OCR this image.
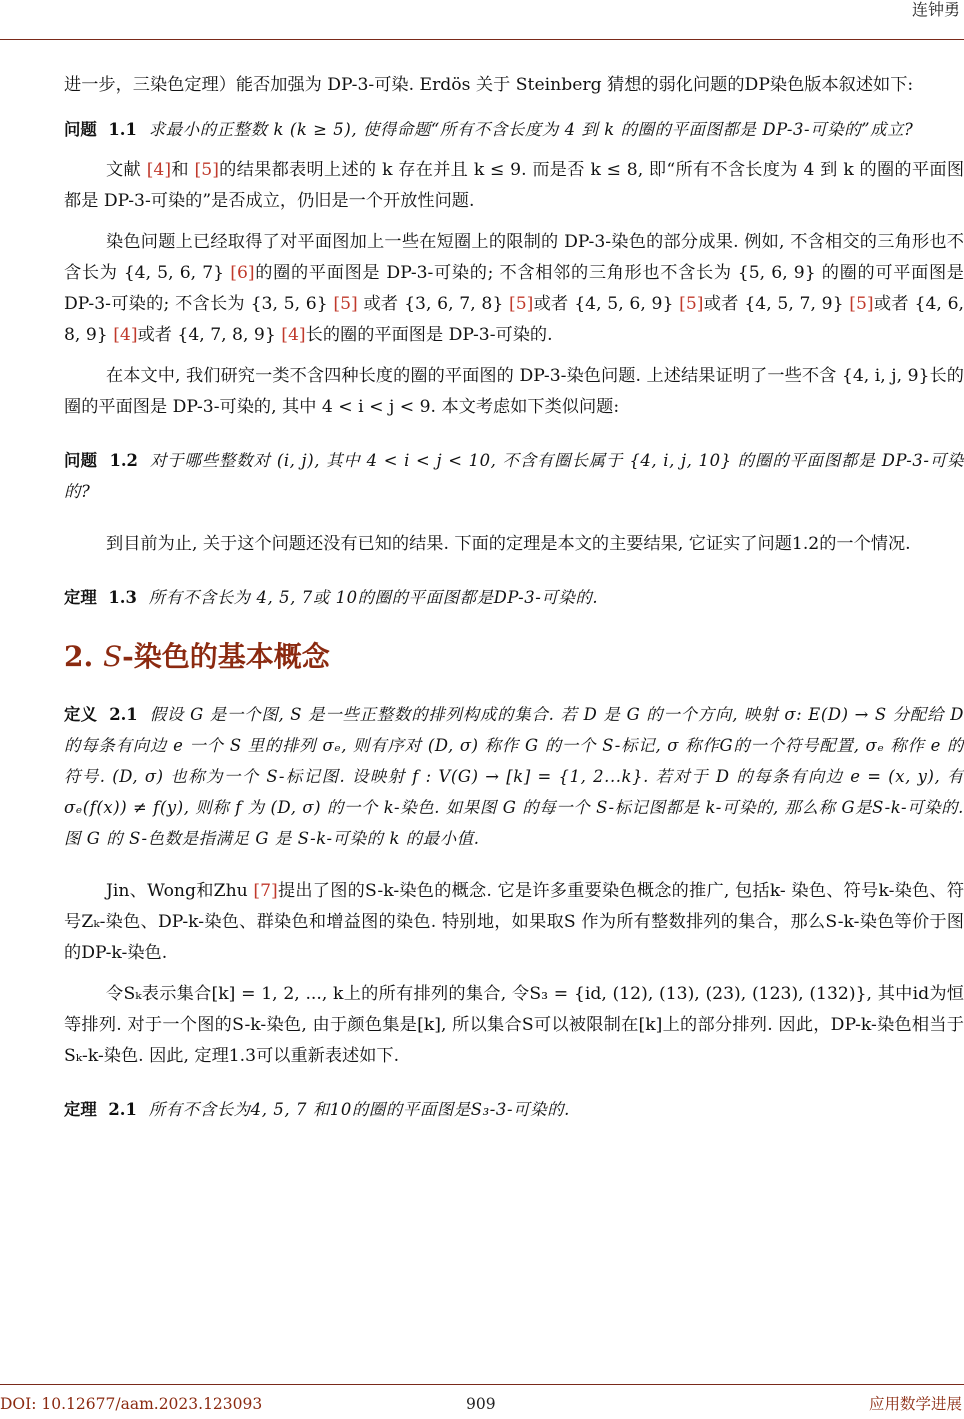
连钟勇

进一步，三染色定理）能否加强为 DP-3-可染. Erdös 关于 Steinberg 猜想的弱化问题的DP染色版本叙述如下:

问题 1.1 求最小的正整数 k (k ≥ 5), 使得命题“所有不含长度为 4 到 k 的圈的平面图都是 DP-3-可染的”成立?

文献 [4]和 [5]的结果都表明上述的 k 存在并且 k ≤ 9. 而是否 k ≤ 8, 即“所有不含长度为 4 到 k 的圈的平面图都是 DP-3-可染的”是否成立，仍旧是一个开放性问题.

染色问题上已经取得了对平面图加上一些在短圈上的限制的 DP-3-染色的部分成果. 例如, 不含相交的三角形也不含长为 {4, 5, 6, 7} [6]的圈的平面图是 DP-3-可染的; 不含相邻的三角形也不含长为 {5, 6, 9} 的圈的可平面图是 DP-3-可染的; 不含长为 {3, 5, 6} [5] 或者 {3, 6, 7, 8} [5]或者 {4, 5, 6, 9} [5]或者 {4, 5, 7, 9} [5]或者 {4, 6, 8, 9} [4]或者 {4, 7, 8, 9} [4]长的圈的平面图是 DP-3-可染的.

在本文中, 我们研究一类不含四种长度的圈的平面图的 DP-3-染色问题. 上述结果证明了一些不含 {4, i, j, 9}长的圈的平面图是 DP-3-可染的, 其中 4 < i < j < 9. 本文考虑如下类似问题:

问题 1.2 对于哪些整数对 (i, j), 其中 4 < i < j < 10, 不含有圈长属于 {4, i, j, 10} 的圈的平面图都是 DP-3-可染的?

到目前为止, 关于这个问题还没有已知的结果. 下面的定理是本文的主要结果, 它证实了问题1.2的一个情况.

定理 1.3 所有不含长为 4, 5, 7或 10的圈的平面图都是DP-3-可染的.

2. S-染色的基本概念

定义 2.1 假设 G 是一个图, S 是一些正整数的排列构成的集合. 若 D 是 G 的一个方向, 映射 σ: E(D) → S 分配给 D 的每条有向边 e 一个 S 里的排列 σₑ, 则有序对 (D, σ) 称作 G 的一个 S-标记, σ 称作G的一个符号配置, σₑ 称作 e 的符号. (D, σ) 也称为一个 S-标记图. 设映射 f : V(G) → [k] = {1, 2...k}. 若对于 D 的每条有向边 e = (x, y), 有σₑ(f(x)) ≠ f(y), 则称 f 为 (D, σ) 的一个 k-染色. 如果图 G 的每一个 S-标记图都是 k-可染的, 那么称 G是S-k-可染的. 图 G 的 S-色数是指满足 G 是 S-k-可染的 k 的最小值.

Jin、Wong和Zhu [7]提出了图的S-k-染色的概念. 它是许多重要染色概念的推广, 包括k- 染色、符号k-染色、符号Zₖ-染色、DP-k-染色、群染色和增益图的染色. 特别地，如果取S 作为所有整数排列的集合，那么S-k-染色等价于图的DP-k-染色.

令Sₖ表示集合[k] = 1, 2, ..., k上的所有排列的集合, 令S₃ = {id, (12), (13), (23), (123), (132)}, 其中id为恒等排列. 对于一个图的S-k-染色, 由于颜色集是[k], 所以集合S可以被限制在[k]上的部分排列. 因此，DP-k-染色相当于Sₖ-k-染色. 因此, 定理1.3可以重新表述如下.

定理 2.1 所有不含长为4, 5, 7 和10的圈的平面图是S₃-3-可染的.

DOI: 10.12677/aam.2023.123093	909	应用数学进展
